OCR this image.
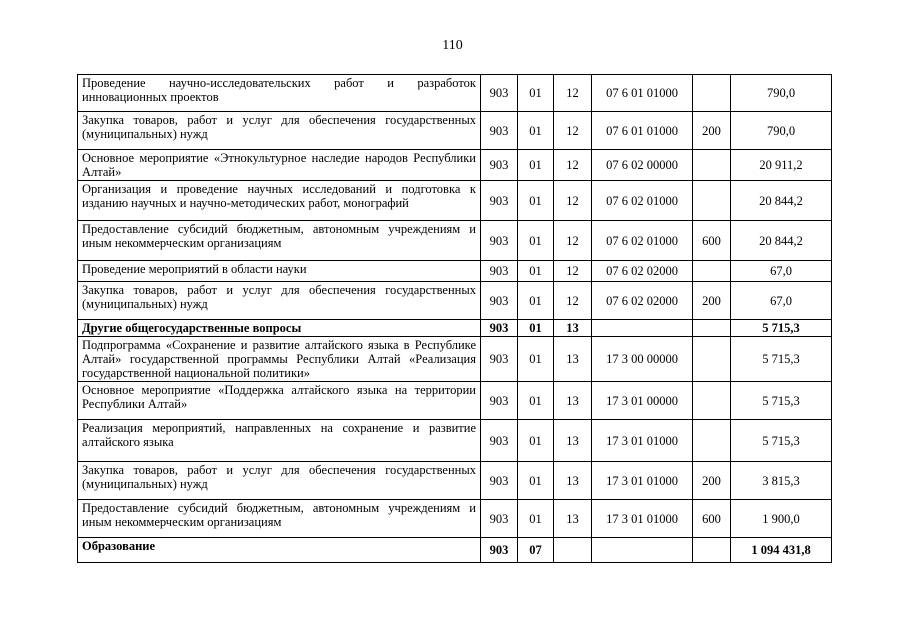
110
Проведение научно-исследовательских работ и разработок инновационных проектов	903	01	12	07 6 01 01000		790,0
Закупка товаров, работ и услуг для обеспечения государственных (муниципальных) нужд	903	01	12	07 6 01 01000	200	790,0
Основное мероприятие «Этнокультурное наследие народов Республики Алтай»	903	01	12	07 6 02 00000		20 911,2
Организация и проведение научных исследований и подготовка к изданию научных и научно-методических работ, монографий	903	01	12	07 6 02 01000		20 844,2
Предоставление субсидий бюджетным, автономным учреждениям и иным некоммерческим организациям	903	01	12	07 6 02 01000	600	20 844,2
Проведение мероприятий в области науки	903	01	12	07 6 02 02000		67,0
Закупка товаров, работ и услуг для обеспечения государственных (муниципальных) нужд	903	01	12	07 6 02 02000	200	67,0
Другие общегосударственные вопросы	903	01	13			5 715,3
Подпрограмма «Сохранение и развитие алтайского языка в Республике Алтай» государственной программы Республики Алтай «Реализация государственной национальной политики»	903	01	13	17 3 00 00000		5 715,3
Основное мероприятие «Поддержка алтайского языка на территории Республики Алтай»	903	01	13	17 3 01 00000		5 715,3
Реализация мероприятий, направленных на сохранение и развитие алтайского языка	903	01	13	17 3 01 01000		5 715,3
Закупка товаров, работ и услуг для обеспечения государственных (муниципальных) нужд	903	01	13	17 3 01 01000	200	3 815,3
Предоставление субсидий бюджетным, автономным учреждениям и иным некоммерческим организациям	903	01	13	17 3 01 01000	600	1 900,0
Образование	903	07				1 094 431,8
